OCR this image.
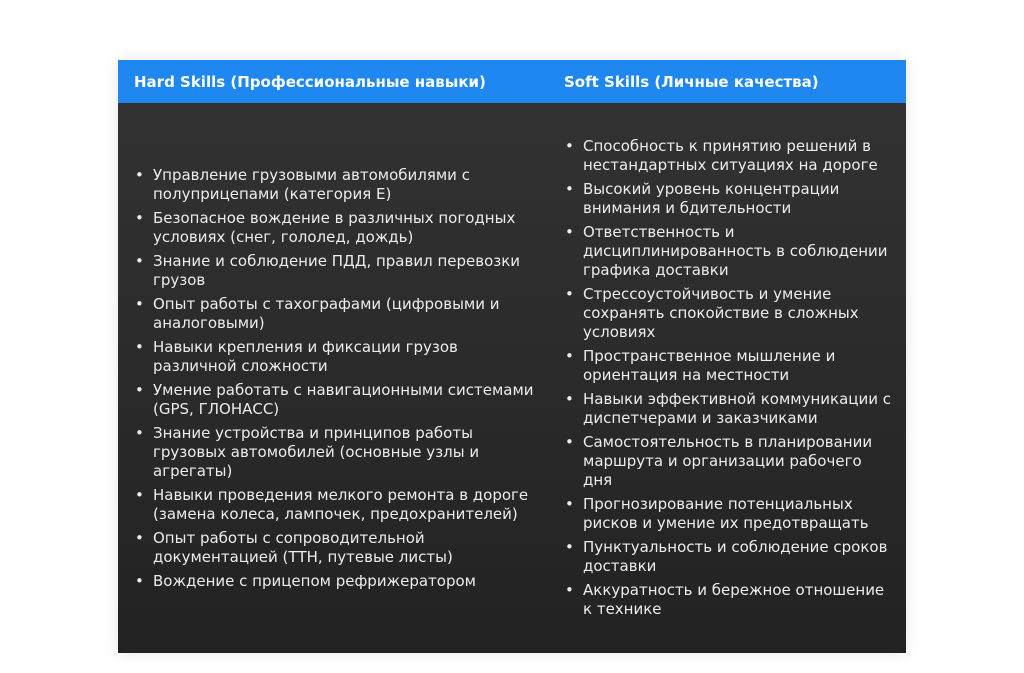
Hard Skills (Профессиональные навыки)	Soft Skills (Личные качества)
• Управление грузовыми автомобилями с полуприцепами (категория Е)
• Безопасное вождение в различных погодных условиях (снег, гололед, дождь)
• Знание и соблюдение ПДД, правил перевозки грузов
• Опыт работы с тахографами (цифровыми и аналоговыми)
• Навыки крепления и фиксации грузов различной сложности
• Умение работать с навигационными системами (GPS, ГЛОНАСС)
• Знание устройства и принципов работы грузовых автомобилей (основные узлы и агрегаты)
• Навыки проведения мелкого ремонта в дороге (замена колеса, лампочек, предохранителей)
• Опыт работы с сопроводительной документацией (ТТН, путевые листы)
• Вождение с прицепом рефрижератором
• Способность к принятию решений в нестандартных ситуациях на дороге
• Высокий уровень концентрации внимания и бдительности
• Ответственность и дисциплинированность в соблюдении графика доставки
• Стрессоустойчивость и умение сохранять спокойствие в сложных условиях
• Пространственное мышление и ориентация на местности
• Навыки эффективной коммуникации с диспетчерами и заказчиками
• Самостоятельность в планировании маршрута и организации рабочего дня
• Прогнозирование потенциальных рисков и умение их предотвращать
• Пунктуальность и соблюдение сроков доставки
• Аккуратность и бережное отношение к технике
